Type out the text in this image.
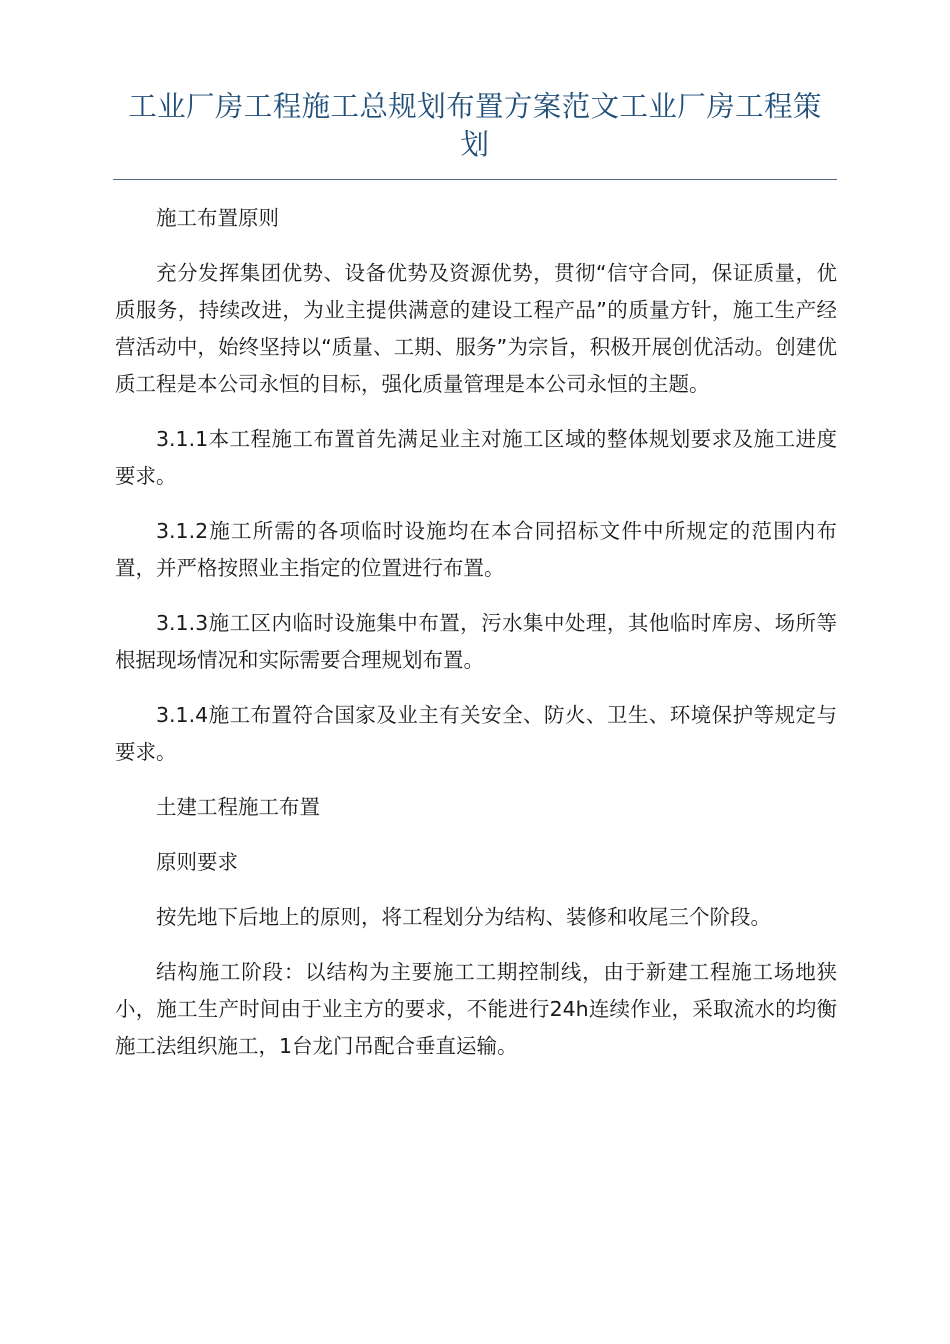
工业厂房工程施工总规划布置方案范文工业厂房工程策划

施工布置原则

充分发挥集团优势、设备优势及资源优势，贯彻“信守合同，保证质量，优质服务，持续改进，为业主提供满意的建设工程产品”的质量方针，施工生产经营活动中，始终坚持以“质量、工期、服务”为宗旨，积极开展创优活动。创建优质工程是本公司永恒的目标，强化质量管理是本公司永恒的主题。

3.1.1本工程施工布置首先满足业主对施工区域的整体规划要求及施工进度要求。

3.1.2施工所需的各项临时设施均在本合同招标文件中所规定的范围内布置，并严格按照业主指定的位置进行布置。

3.1.3施工区内临时设施集中布置，污水集中处理，其他临时库房、场所等根据现场情况和实际需要合理规划布置。

3.1.4施工布置符合国家及业主有关安全、防火、卫生、环境保护等规定与要求。

土建工程施工布置

原则要求

按先地下后地上的原则，将工程划分为结构、装修和收尾三个阶段。

结构施工阶段：以结构为主要施工工期控制线，由于新建工程施工场地狭小，施工生产时间由于业主方的要求，不能进行24h连续作业，采取流水的均衡施工法组织施工，1台龙门吊配合垂直运输。
